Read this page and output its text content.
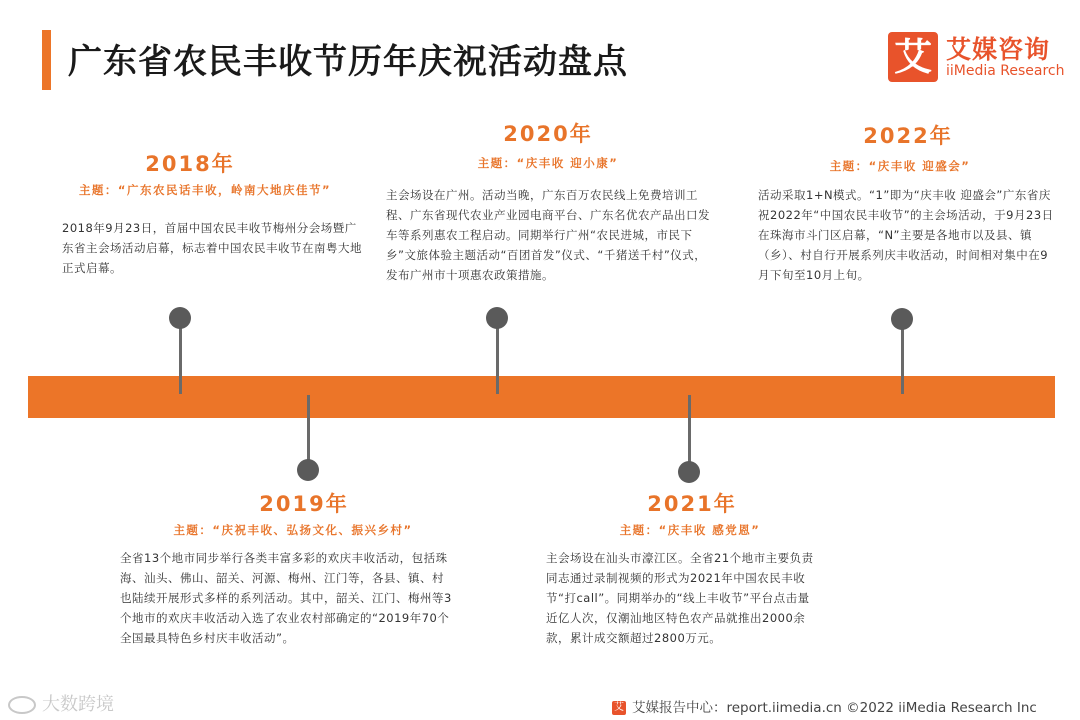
广东省农民丰收节历年庆祝活动盘点	艾 艾媒咨询
iiMedia Research
2018年
主题：“广东农民话丰收，岭南大地庆佳节”
2018年9月23日，首届中国农民丰收节梅州分会场暨广东省主会场活动启幕，标志着中国农民丰收节在南粤大地正式启幕。
2020年
主题：“庆丰收 迎小康”
主会场设在广州。活动当晚，广东百万农民线上免费培训工程、广东省现代农业产业园电商平台、广东名优农产品出口发车等系列惠农工程启动。同期举行广州“农民进城，市民下乡”文旅体验主题活动“百团首发”仪式、“千猪送千村”仪式，发布广州市十项惠农政策措施。
2022年
主题：“庆丰收 迎盛会”
活动采取1+N模式。“1”即为“庆丰收 迎盛会”广东省庆祝2022年“中国农民丰收节”的主会场活动，于9月23日在珠海市斗门区启幕，“N”主要是各地市以及县、镇（乡）、村自行开展系列庆丰收活动，时间相对集中在9月下旬至10月上旬。
2019年
主题：“庆祝丰收、弘扬文化、振兴乡村”
全省13个地市同步举行各类丰富多彩的欢庆丰收活动，包括珠海、汕头、佛山、韶关、河源、梅州、江门等，各县、镇、村也陆续开展形式多样的系列活动。其中，韶关、江门、梅州等3个地市的欢庆丰收活动入选了农业农村部确定的“2019年70个全国最具特色乡村庆丰收活动”。
2021年
主题：“庆丰收 感党恩”
主会场设在汕头市濠江区。全省21个地市主要负责同志通过录制视频的形式为2021年中国农民丰收节“打call”。同期举办的“线上丰收节”平台点击量近亿人次，仅潮汕地区特色农产品就推出2000余款，累计成交额超过2800万元。
艾 艾媒报告中心：report.iimedia.cn ©2022 iiMedia Research Inc
大数跨境
